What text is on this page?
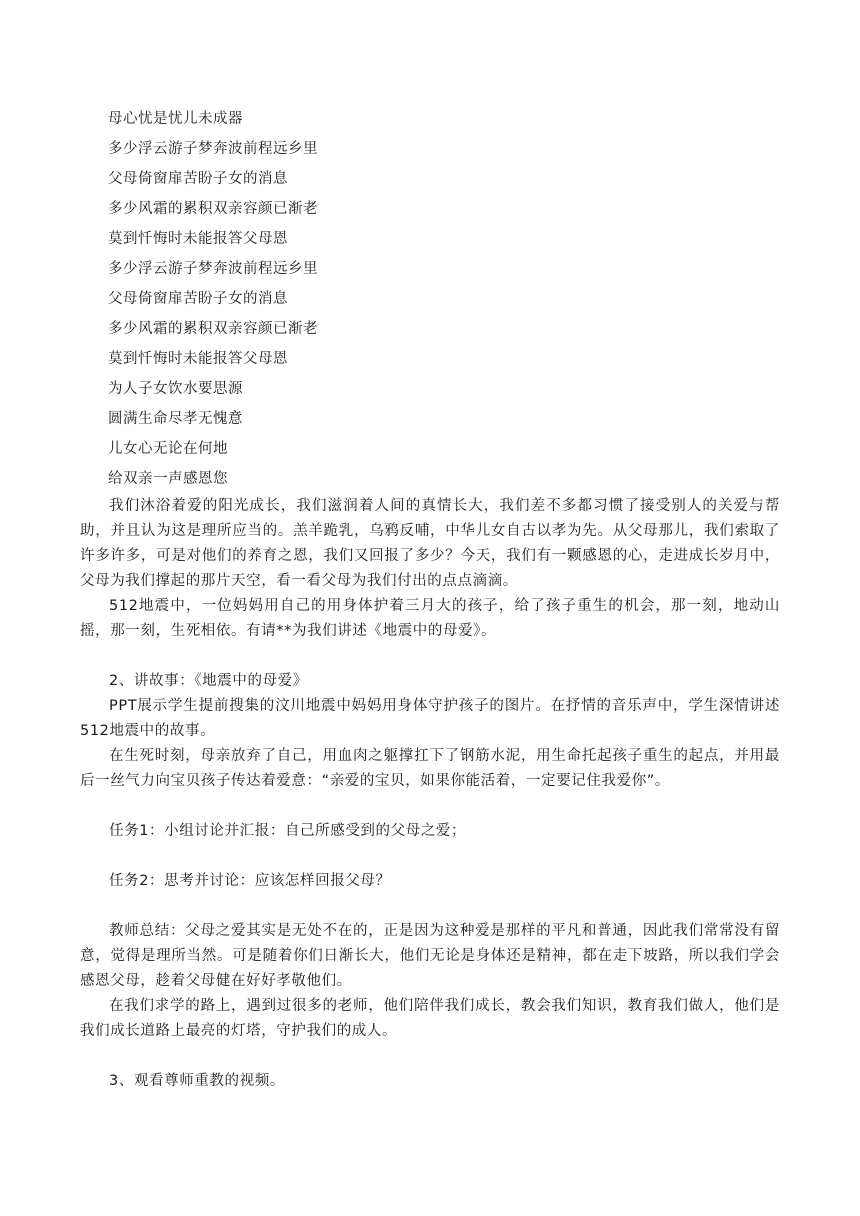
母心忧是忧儿未成器
多少浮云游子梦奔波前程远乡里
父母倚窗扉苦盼子女的消息
多少风霜的累积双亲容颜已渐老
莫到忏悔时未能报答父母恩
多少浮云游子梦奔波前程远乡里
父母倚窗扉苦盼子女的消息
多少风霜的累积双亲容颜已渐老
莫到忏悔时未能报答父母恩
为人子女饮水要思源
圆满生命尽孝无愧意
儿女心无论在何地
给双亲一声感恩您

我们沐浴着爱的阳光成长，我们滋润着人间的真情长大，我们差不多都习惯了接受别人的关爱与帮助，并且认为这是理所应当的。羔羊跪乳，乌鸦反哺，中华儿女自古以孝为先。从父母那儿，我们索取了许多许多，可是对他们的养育之恩，我们又回报了多少？今天，我们有一颗感恩的心，走进成长岁月中，父母为我们撑起的那片天空，看一看父母为我们付出的点点滴滴。

512地震中，一位妈妈用自己的用身体护着三月大的孩子，给了孩子重生的机会，那一刻，地动山摇，那一刻，生死相依。有请**为我们讲述《地震中的母爱》。

2、讲故事：《地震中的母爱》

PPT展示学生提前搜集的汶川地震中妈妈用身体守护孩子的图片。在抒情的音乐声中，学生深情讲述512地震中的故事。

在生死时刻，母亲放弃了自己，用血肉之躯撑扛下了钢筋水泥，用生命托起孩子重生的起点，并用最后一丝气力向宝贝孩子传达着爱意：“亲爱的宝贝，如果你能活着，一定要记住我爱你”。

任务1：小组讨论并汇报：自己所感受到的父母之爱；

任务2：思考并讨论：应该怎样回报父母？

教师总结：父母之爱其实是无处不在的，正是因为这种爱是那样的平凡和普通，因此我们常常没有留意，觉得是理所当然。可是随着你们日渐长大，他们无论是身体还是精神，都在走下坡路，所以我们学会感恩父母，趁着父母健在好好孝敬他们。

在我们求学的路上，遇到过很多的老师，他们陪伴我们成长，教会我们知识，教育我们做人，他们是我们成长道路上最亮的灯塔，守护我们的成人。

3、观看尊师重教的视频。
